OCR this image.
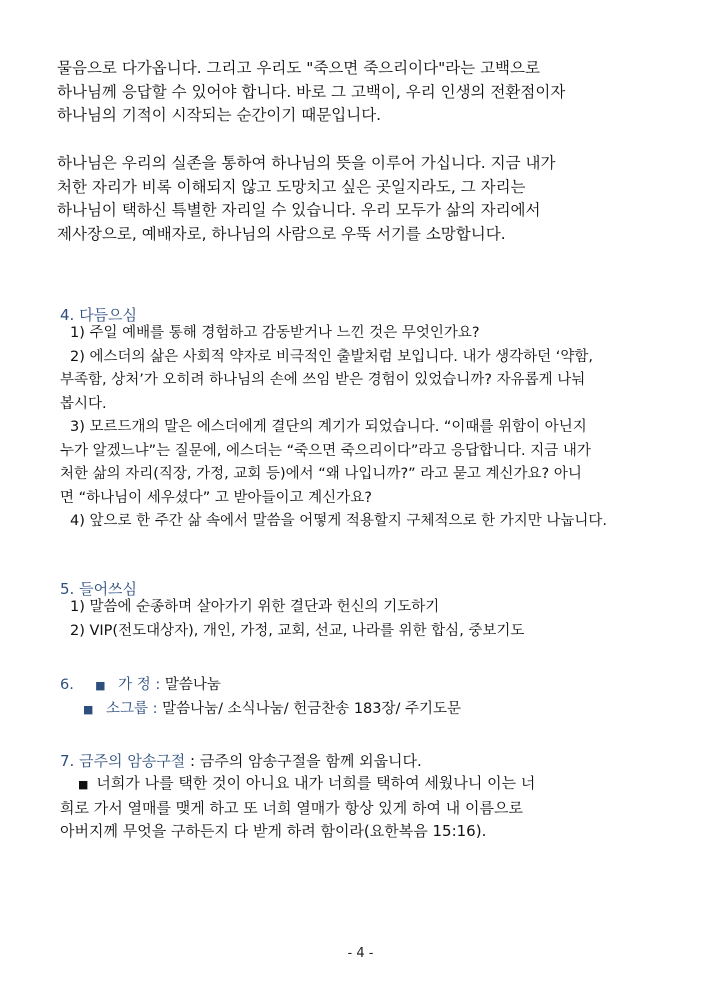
물음으로 다가옵니다. 그리고 우리도 "죽으면 죽으리이다"라는 고백으로
하나님께 응답할 수 있어야 합니다. 바로 그 고백이, 우리 인생의 전환점이자
하나님의 기적이 시작되는 순간이기 때문입니다.
하나님은 우리의 실존을 통하여 하나님의 뜻을 이루어 가십니다. 지금 내가
처한 자리가 비록 이해되지 않고 도망치고 싶은 곳일지라도, 그 자리는
하나님이 택하신 특별한 자리일 수 있습니다. 우리 모두가 삶의 자리에서
제사장으로, 예배자로, 하나님의 사람으로 우뚝 서기를 소망합니다.
4. 다듬으심
1) 주일 예배를 통해 경험하고 감동받거나 느낀 것은 무엇인가요?
2) 에스더의 삶은 사회적 약자로 비극적인 출발처럼 보입니다. 내가 생각하던 ‘약함,
부족함, 상처’가 오히려 하나님의 손에 쓰임 받은 경험이 있었습니까? 자유롭게 나눠
봅시다.
3) 모르드개의 말은 에스더에게 결단의 계기가 되었습니다. “이때를 위함이 아닌지
누가 알겠느냐”는 질문에, 에스더는 “죽으면 죽으리이다”라고 응답합니다. 지금 내가
처한 삶의 자리(직장, 가정, 교회 등)에서 “왜 나입니까?” 라고 묻고 계신가요? 아니
면 “하나님이 세우셨다” 고 받아들이고 계신가요?
4) 앞으로 한 주간 삶 속에서 말씀을 어떻게 적용할지 구체적으로 한 가지만 나눕니다.
5. 들어쓰심
1) 말씀에 순종하며 살아가기 위한 결단과 헌신의 기도하기
2) VIP(전도대상자), 개인, 가정, 교회, 선교, 나라를 위한 합심, 중보기도
6. ■ 가 정 : 말씀나눔
■ 소그룹 : 말씀나눔/ 소식나눔/ 헌금찬송 183장/ 주기도문
7. 금주의 암송구절 : 금주의 암송구절을 함께 외웁니다.
■ 너희가 나를 택한 것이 아니요 내가 너희를 택하여 세웠나니 이는 너
희로 가서 열매를 맺게 하고 또 너희 열매가 항상 있게 하여 내 이름으로
아버지께 무엇을 구하든지 다 받게 하려 함이라(요한복음 15:16).
- 4 -
